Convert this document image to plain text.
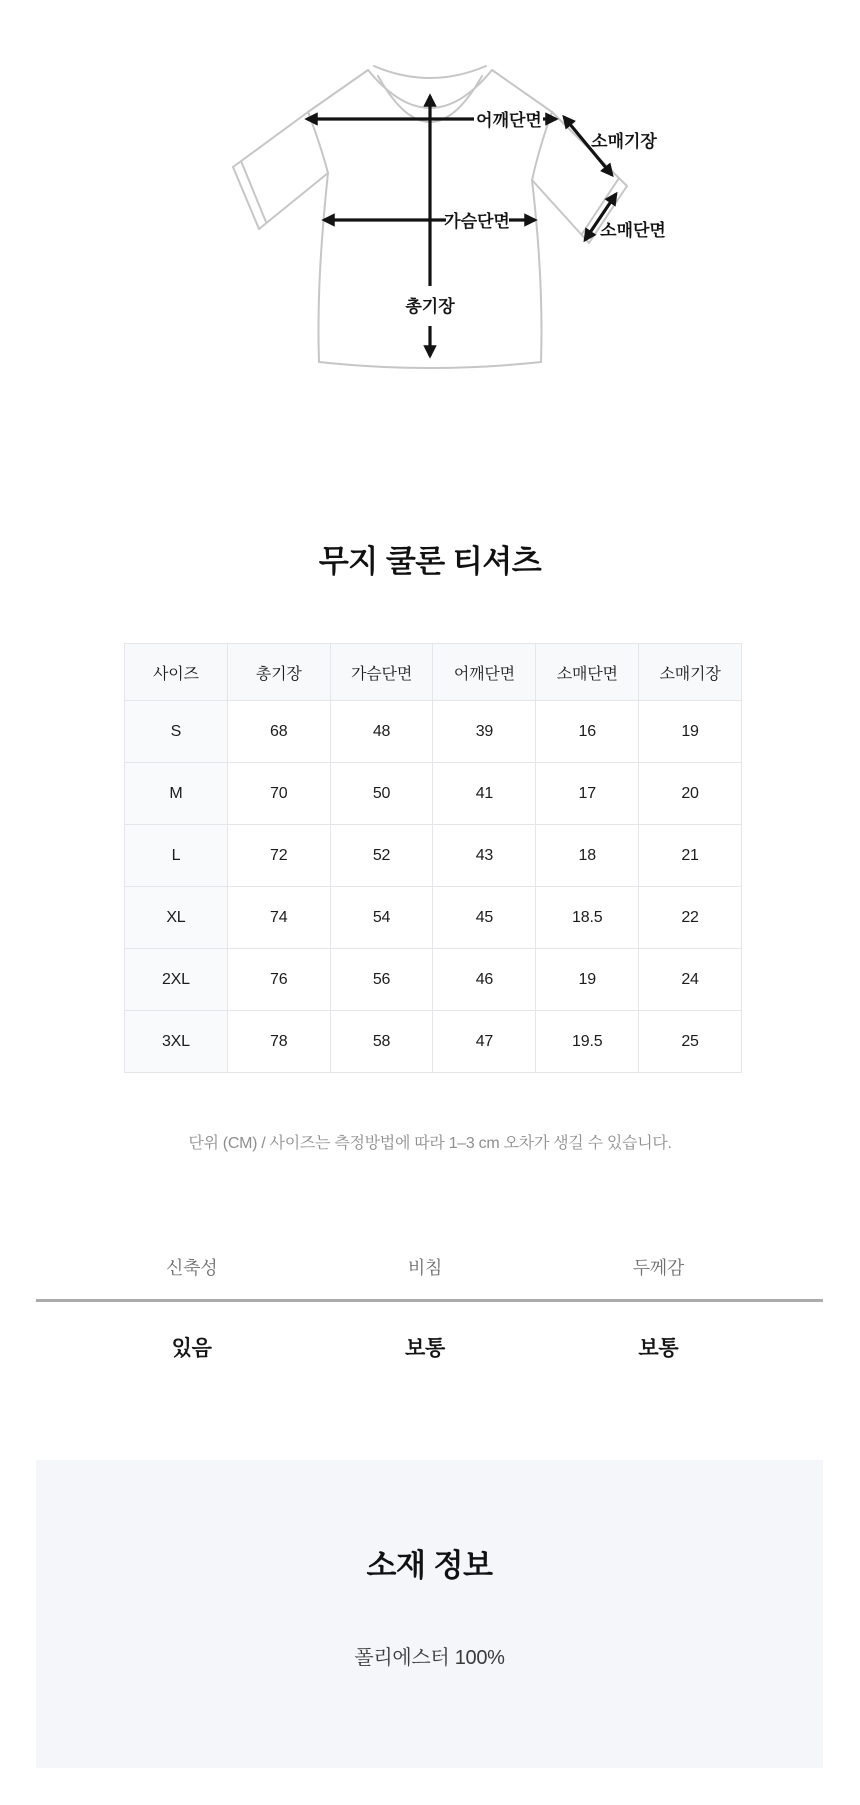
어깨단면
소매기장
가슴단면	소매단면
총기장
무지 쿨론 티셔츠
사이즈	총기장	가슴단면	어깨단면	소매단면	소매기장
S	68	48	39	16	19
M	70	50	41	17	20
L	72	52	43	18	21
XL	74	54	45	18.5	22
2XL	76	56	46	19	24
3XL	78	58	47	19.5	25

단위 (CM) / 사이즈는 측정방법에 따라 1–3 cm 오차가 생길 수 있습니다.

신축성	비침	두께감
있음	보통	보통
소재 정보

폴리에스터 100%
